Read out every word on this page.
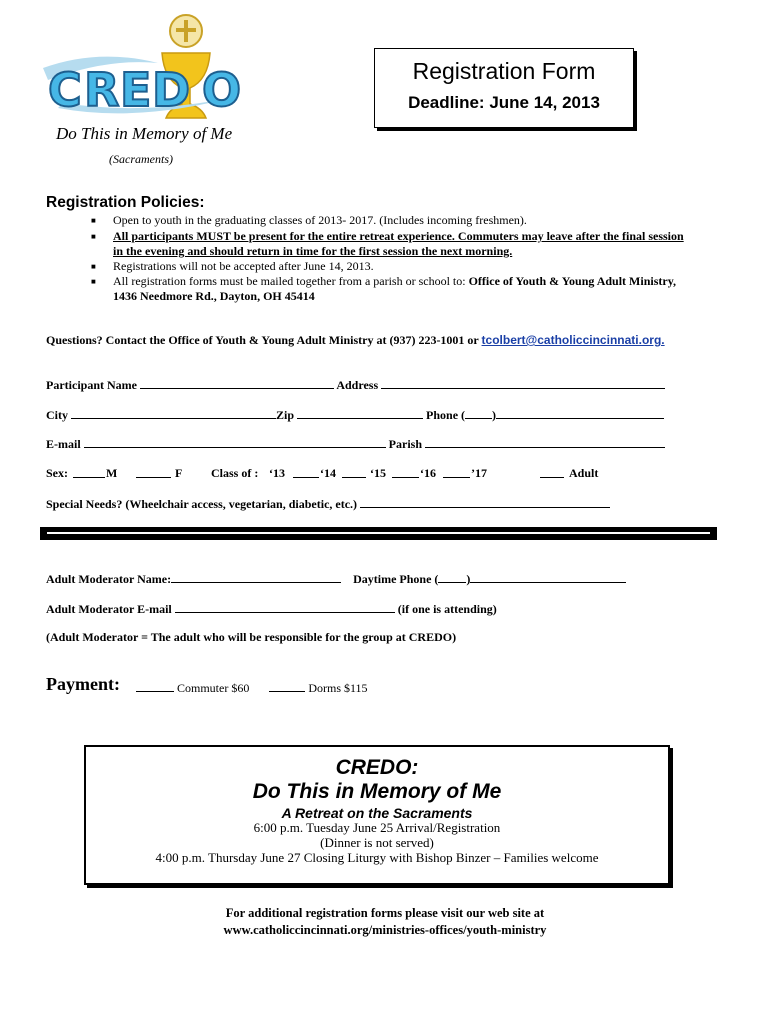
C R E D O	Registration Form
Deadline: June 14, 2013
Do This in Memory of Me
(Sacraments)
Registration Policies:
■ Open to youth in the graduating classes of 2013- 2017. (Includes incoming freshmen).
■ All participants MUST be present for the entire retreat experience. Commuters may leave after the final session
in the evening and should return in time for the first session the next morning.
■ Registrations will not be accepted after June 14, 2013.
■ All registration forms must be mailed together from a parish or school to: Office of Youth & Young Adult Ministry,
1436 Needmore Rd., Dayton, OH 45414
Questions? Contact the Office of Youth & Young Adult Ministry at (937) 223-1001 or tcolbert@catholiccincinnati.org.
Participant Name	Address
City	Zip	Phone ( )
E-mail	Parish
Sex:	M	F Class of : ‘13	‘14	‘15	‘16	’17	Adult
Special Needs? (Wheelchair access, vegetarian, diabetic, etc.)
Adult Moderator Name:	Daytime Phone ( )
Adult Moderator E-mail	(if one is attending)
(Adult Moderator = The adult who will be responsible for the group at CREDO)
Payment:	Commuter $60	Dorms $115
CREDO:
Do This in Memory of Me
A Retreat on the Sacraments
6:00 p.m. Tuesday June 25 Arrival/Registration
(Dinner is not served)
4:00 p.m. Thursday June 27 Closing Liturgy with Bishop Binzer – Families welcome
For additional registration forms please visit our web site at
www.catholiccincinnati.org/ministries-offices/youth-ministry
